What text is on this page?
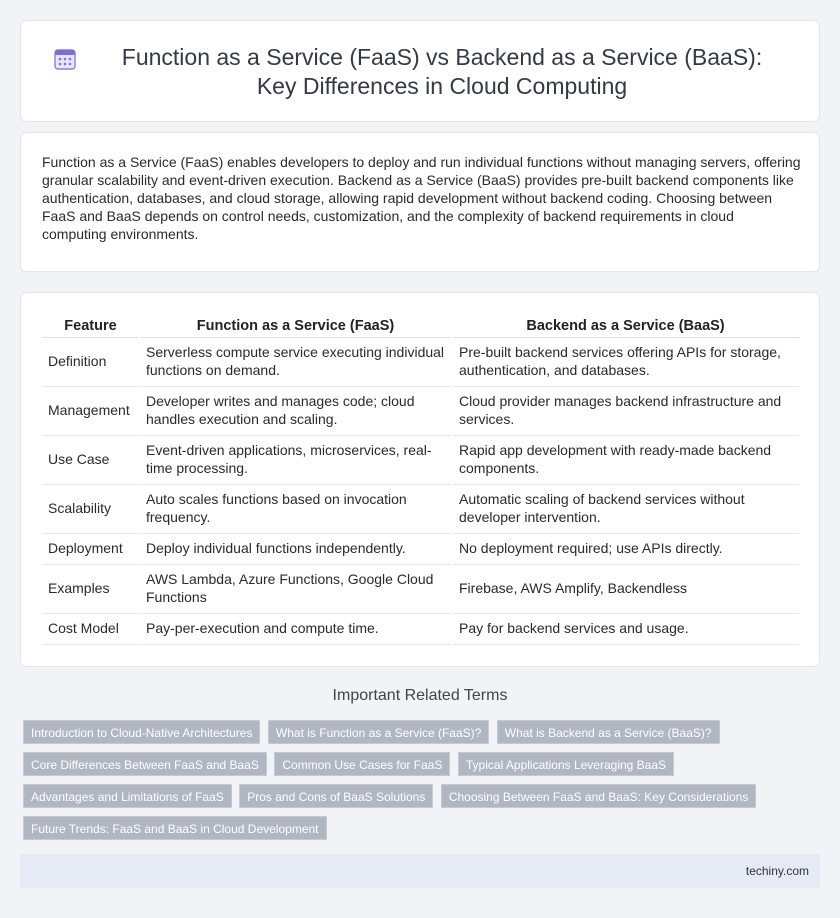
Function as a Service (FaaS) vs Backend as a Service (BaaS): Key Differences in Cloud Computing

Function as a Service (FaaS) enables developers to deploy and run individual functions without managing servers, offering granular scalability and event-driven execution. Backend as a Service (BaaS) provides pre-built backend components like authentication, databases, and cloud storage, allowing rapid development without backend coding. Choosing between FaaS and BaaS depends on control needs, customization, and the complexity of backend requirements in cloud computing environments.

Feature	Function as a Service (FaaS)	Backend as a Service (BaaS)
Definition	Serverless compute service executing individual functions on demand.	Pre-built backend services offering APIs for storage, authentication, and databases.
Management	Developer writes and manages code; cloud handles execution and scaling.	Cloud provider manages backend infrastructure and services.
Use Case	Event-driven applications, microservices, real-time processing.	Rapid app development with ready-made backend components.
Scalability	Auto scales functions based on invocation frequency.	Automatic scaling of backend services without developer intervention.
Deployment	Deploy individual functions independently.	No deployment required; use APIs directly.
Examples	AWS Lambda, Azure Functions, Google Cloud Functions	Firebase, AWS Amplify, Backendless
Cost Model	Pay-per-execution and compute time.	Pay for backend services and usage.
Important Related Terms
Introduction to Cloud-Native Architectures What is Function as a Service (FaaS)? What is Backend as a Service (BaaS)?
Core Differences Between FaaS and BaaS Common Use Cases for FaaS Typical Applications Leveraging BaaS
Advantages and Limitations of FaaS Pros and Cons of BaaS Solutions Choosing Between FaaS and BaaS: Key Considerations
Future Trends: FaaS and BaaS in Cloud Development
techiny.com
